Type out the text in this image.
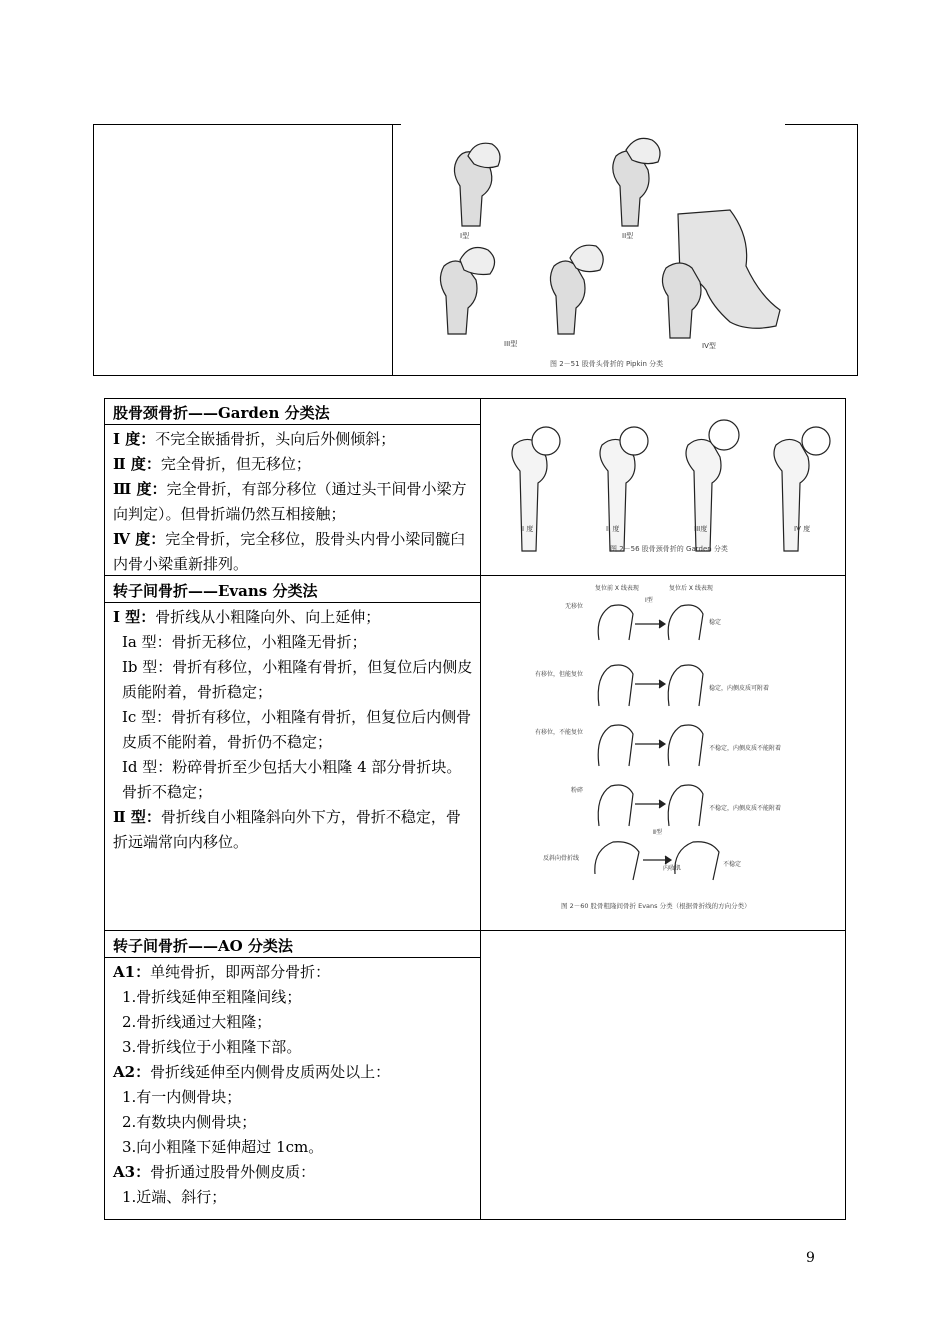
I型	II型
III型	IV型
图 2－51 股骨头骨折的 Pipkin 分类
股骨颈骨折——Garden 分类法

Ⅰ 度：不完全嵌插骨折，头向后外侧倾斜；

Ⅱ 度：完全骨折，但无移位；

Ⅲ 度：完全骨折，有部分移位（通过头干间骨小梁方向判定）。但骨折端仍然互相接触；

Ⅳ 度：完全骨折，完全移位，股骨头内骨小梁同髋臼内骨小梁重新排列。

转子间骨折——Evans 分类法

Ⅰ 型：骨折线从小粗隆向外、向上延伸；

Ⅰa 型：骨折无移位，小粗隆无骨折；

Ⅰb 型：骨折有移位，小粗隆有骨折，但复位后内侧皮质能附着，骨折稳定；

Ⅰc 型：骨折有移位，小粗隆有骨折，但复位后内侧骨皮质不能附着，骨折仍不稳定；

Ⅰd 型：粉碎骨折至少包括大小粗隆 4 部分骨折块。骨折不稳定；

Ⅱ 型：骨折线自小粗隆斜向外下方，骨折不稳定，骨折远端常向内移位。

转子间骨折——AO 分类法

A1：单纯骨折，即两部分骨折：

1.骨折线延伸至粗隆间线；

2.骨折线通过大粗隆；

3.骨折线位于小粗隆下部。

A2：骨折线延伸至内侧骨皮质两处以上：

1.有一内侧骨块；

2.有数块内侧骨块；

3.向小粗隆下延伸超过 1cm。

A3：骨折通过股骨外侧皮质：

1.近端、斜行；

I 度	II 度	III度	IV 度
图 2－56 股骨颈骨折的 Garden 分类
复位前 X 线表现	复位后 X 线表现
Ⅰ型
Ⅱ型
无移位
稳定
有移位，但能复位
稳定，内侧皮质可附着
有移位，不能复位
不稳定，内侧皮质不能附着
粉碎
不稳定，内侧皮质不能附着
反斜向骨折线
不稳定
内收肌
图 2－60 股骨粗隆间骨折 Evans 分类（根据骨折线的方向分类）
9
